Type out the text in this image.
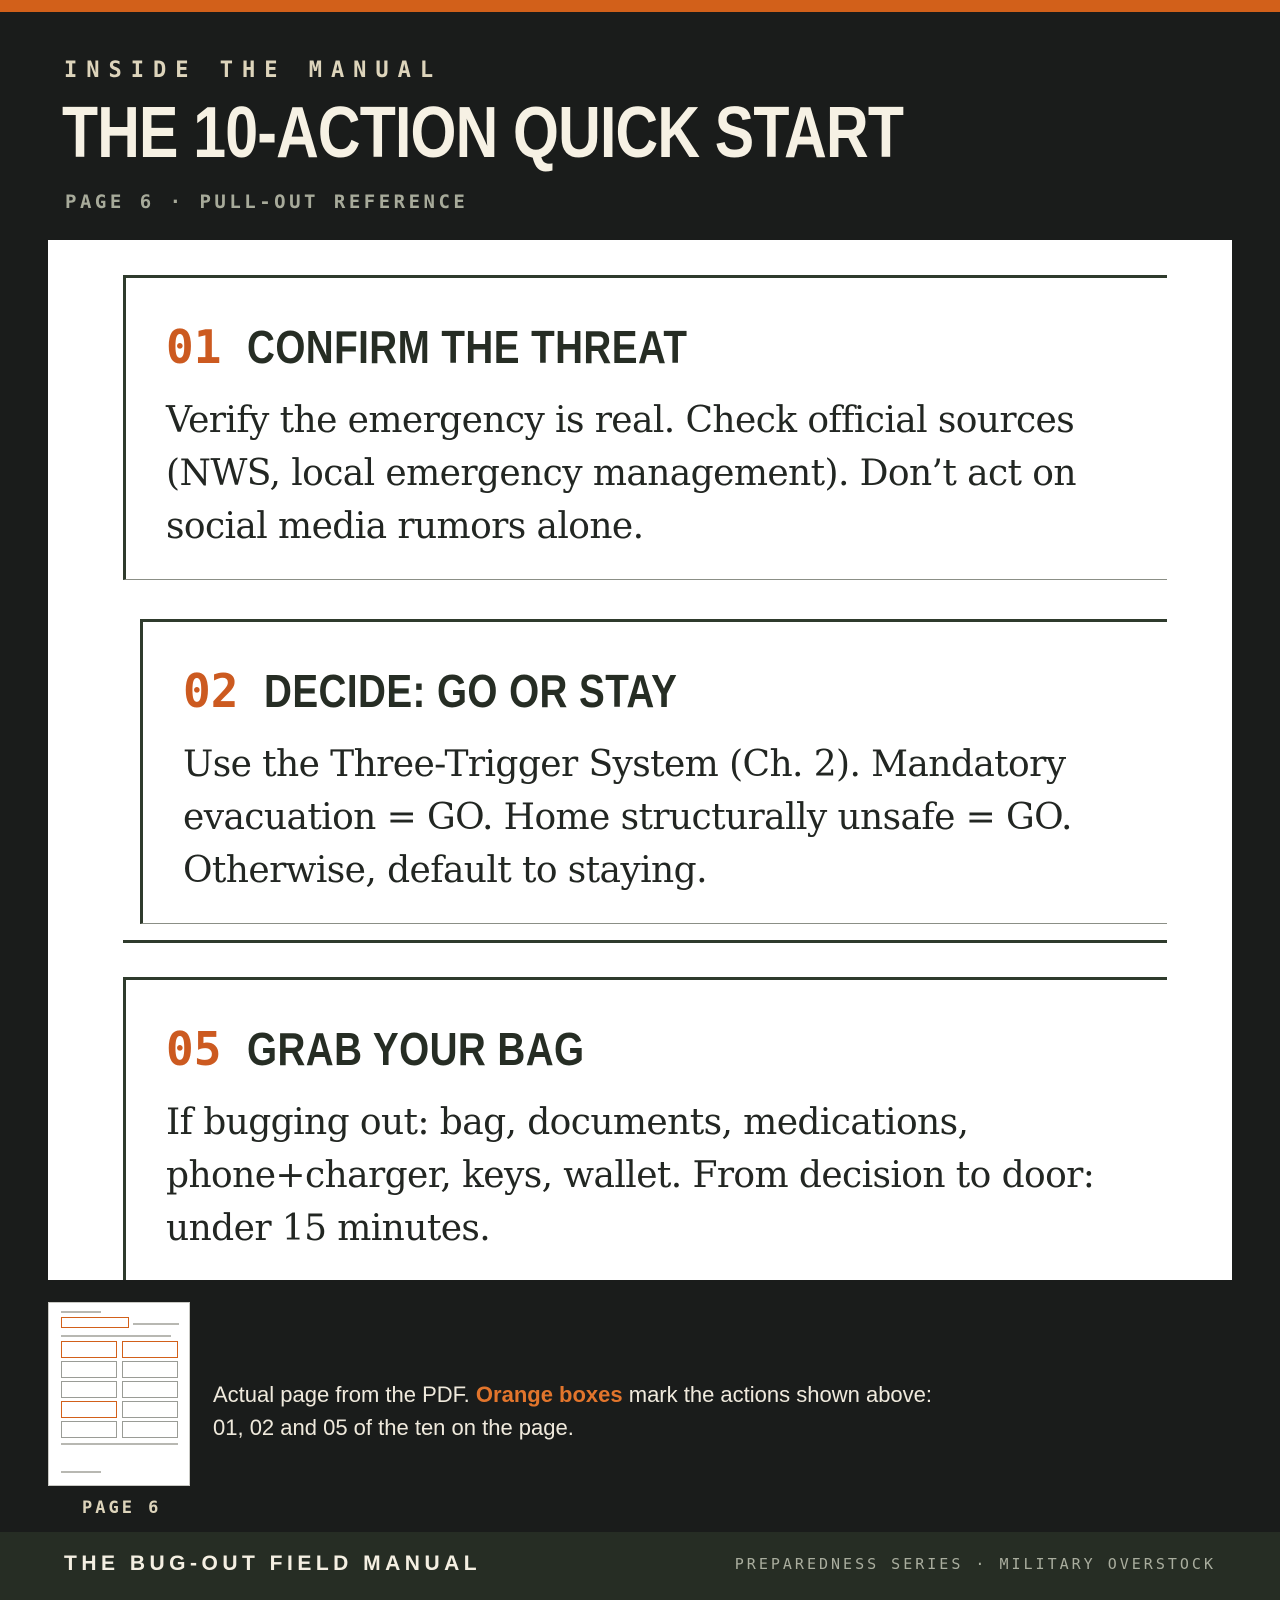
INSIDE THE MANUAL
THE 10-ACTION QUICK START
PAGE 6 · PULL-OUT REFERENCE
01 CONFIRM THE THREAT
Verify the emergency is real. Check official sources (NWS, local emergency management). Don’t act on social media rumors alone.
02 DECIDE: GO OR STAY
Use the Three-Trigger System (Ch. 2). Mandatory evacuation = GO. Home structurally unsafe = GO. Otherwise, default to staying.
05 GRAB YOUR BAG
If bugging out: bag, documents, medications, phone+charger, keys, wallet. From decision to door: under 15 minutes.
PAGE 6
Actual page from the PDF. Orange boxes mark the actions shown above: 01, 02 and 05 of the ten on the page.
THE BUG-OUT FIELD MANUAL	PREPAREDNESS SERIES · MILITARY OVERSTOCK
